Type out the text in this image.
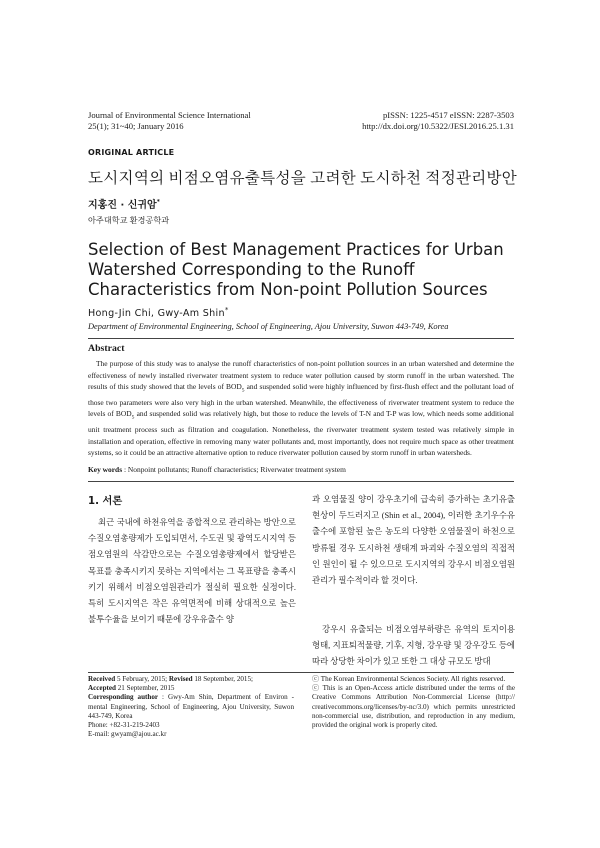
Journal of Environmental Science International
25(1); 31~40; January 2016
pISSN: 1225-4517 eISSN: 2287-3503
http://dx.doi.org/10.5322/JESI.2016.25.1.31
ORIGINAL ARTICLE
도시지역의 비점오염유출특성을 고려한 도시하천 적정관리방안
지홍진 · 신귀암*
아주대학교 환경공학과
Selection of Best Management Practices for Urban Watershed Corresponding to the Runoff Characteristics from Non-point Pollution Sources
Hong-Jin Chi, Gwy-Am Shin*
Department of Environmental Engineering, School of Engineering, Ajou University, Suwon 443-749, Korea
Abstract
The purpose of this study was to analyse the runoff characteristics of non-point pollution sources in an urban watershed and determine the effectiveness of newly installed riverwater treatment system to reduce water pollution caused by storm runoff in the urban watershed. The results of this study showed that the levels of $BOD_5$ and suspended solid were highly influenced by first-flush effect and the pollutant load of those two parameters were also very high in the urban watershed. Meanwhile, the effectiveness of riverwater treatment system to reduce the levels of $BOD_5$ and suspended solid was relatively high, but those to reduce the levels of T-N and T-P was low, which needs some additional unit treatment process such as filtration and coagulation. Nonetheless, the riverwater treatment system tested was relatively simple in installation and operation, effective in removing many water pollutants and, most importantly, does not require much space as other treatment systems, so it could be an attractive alternative option to reduce riverwater pollution caused by storm runoff in urban watersheds.
Key words : Nonpoint pollutants; Runoff characteristics; Riverwater treatment system
1. 서론
최근 국내에 하천유역을 종합적으로 관리하는 방안으로 수질오염총량제가 도입되면서, 수도권 및 광역도시지역 등 점오염원의 삭감만으로는 수질오염총량제에서 할당받은 목표를 충족시키지 못하는 지역에서는 그 목표량을 충족시키기 위해서 비점오염원관리가 절실히 필요한 실정이다. 특히 도시지역은 작은 유역면적에 비해 상대적으로 높은 불투수율을 보이기 때문에 강우유출수 양
과 오염물질 양이 강우초기에 급속히 증가하는 초기유출현상이 두드러지고 (Shin et al., 2004), 이러한 초기우수유출수에 포함된 높은 농도의 다양한 오염물질이 하천으로 방류될 경우 도시하천 생태계 파괴와 수질오염의 직접적인 원인이 될 수 있으므로 도시지역의 강우시 비점오염원관리가 필수적이라 할 것이다.
강우시 유출되는 비점오염부하량은 유역의 토지이용형태, 지표퇴적물량, 기후, 지형, 강우량 및 강우강도 등에 따라 상당한 차이가 있고 또한 그 대상 규모도 방대
Received 5 February, 2015; Revised 18 September, 2015;
Accepted 21 September, 2015
Corresponding author : Gwy-Am Shin, Department of Environ -mental Engineering, School of Engineering, Ajou University, Suwon 443-749, Korea
Phone: +82-31-219-2403
E-mail: gwyam@ajou.ac.kr
ⓒ The Korean Environmental Sciences Society. All rights reserved.
ⓒ This is an Open-Access article distributed under the terms of the Creative Commons Attribution Non-Commercial License (http:// creativecommons.org/licenses/by-nc/3.0) which permits unrestricted non-commercial use, distribution, and reproduction in any medium, provided the original work is properly cited.
